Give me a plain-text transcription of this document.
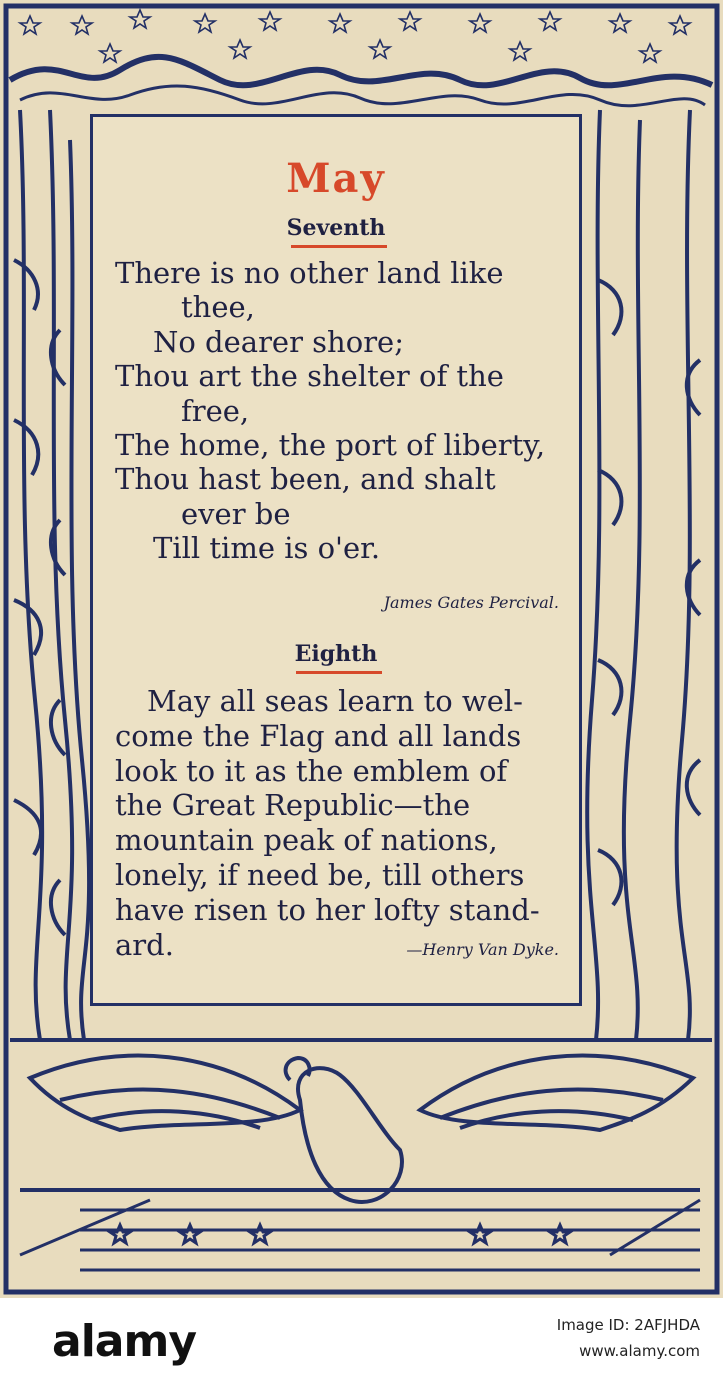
May
Seventh
There is no other land like
thee,
No dearer shore;
Thou art the shelter of the
free,
The home, the port of liberty,
Thou hast been, and shalt
ever be
Till time is o'er.
James Gates Percival.
Eighth
May all seas learn to wel-
come the Flag and all lands
look to it as the emblem of
the Great Republic—the
mountain peak of nations,
lonely, if need be, till others
have risen to her lofty stand-
ard.	—Henry Van Dyke.
alamy	Image ID: 2AFJHDA
www.alamy.com
